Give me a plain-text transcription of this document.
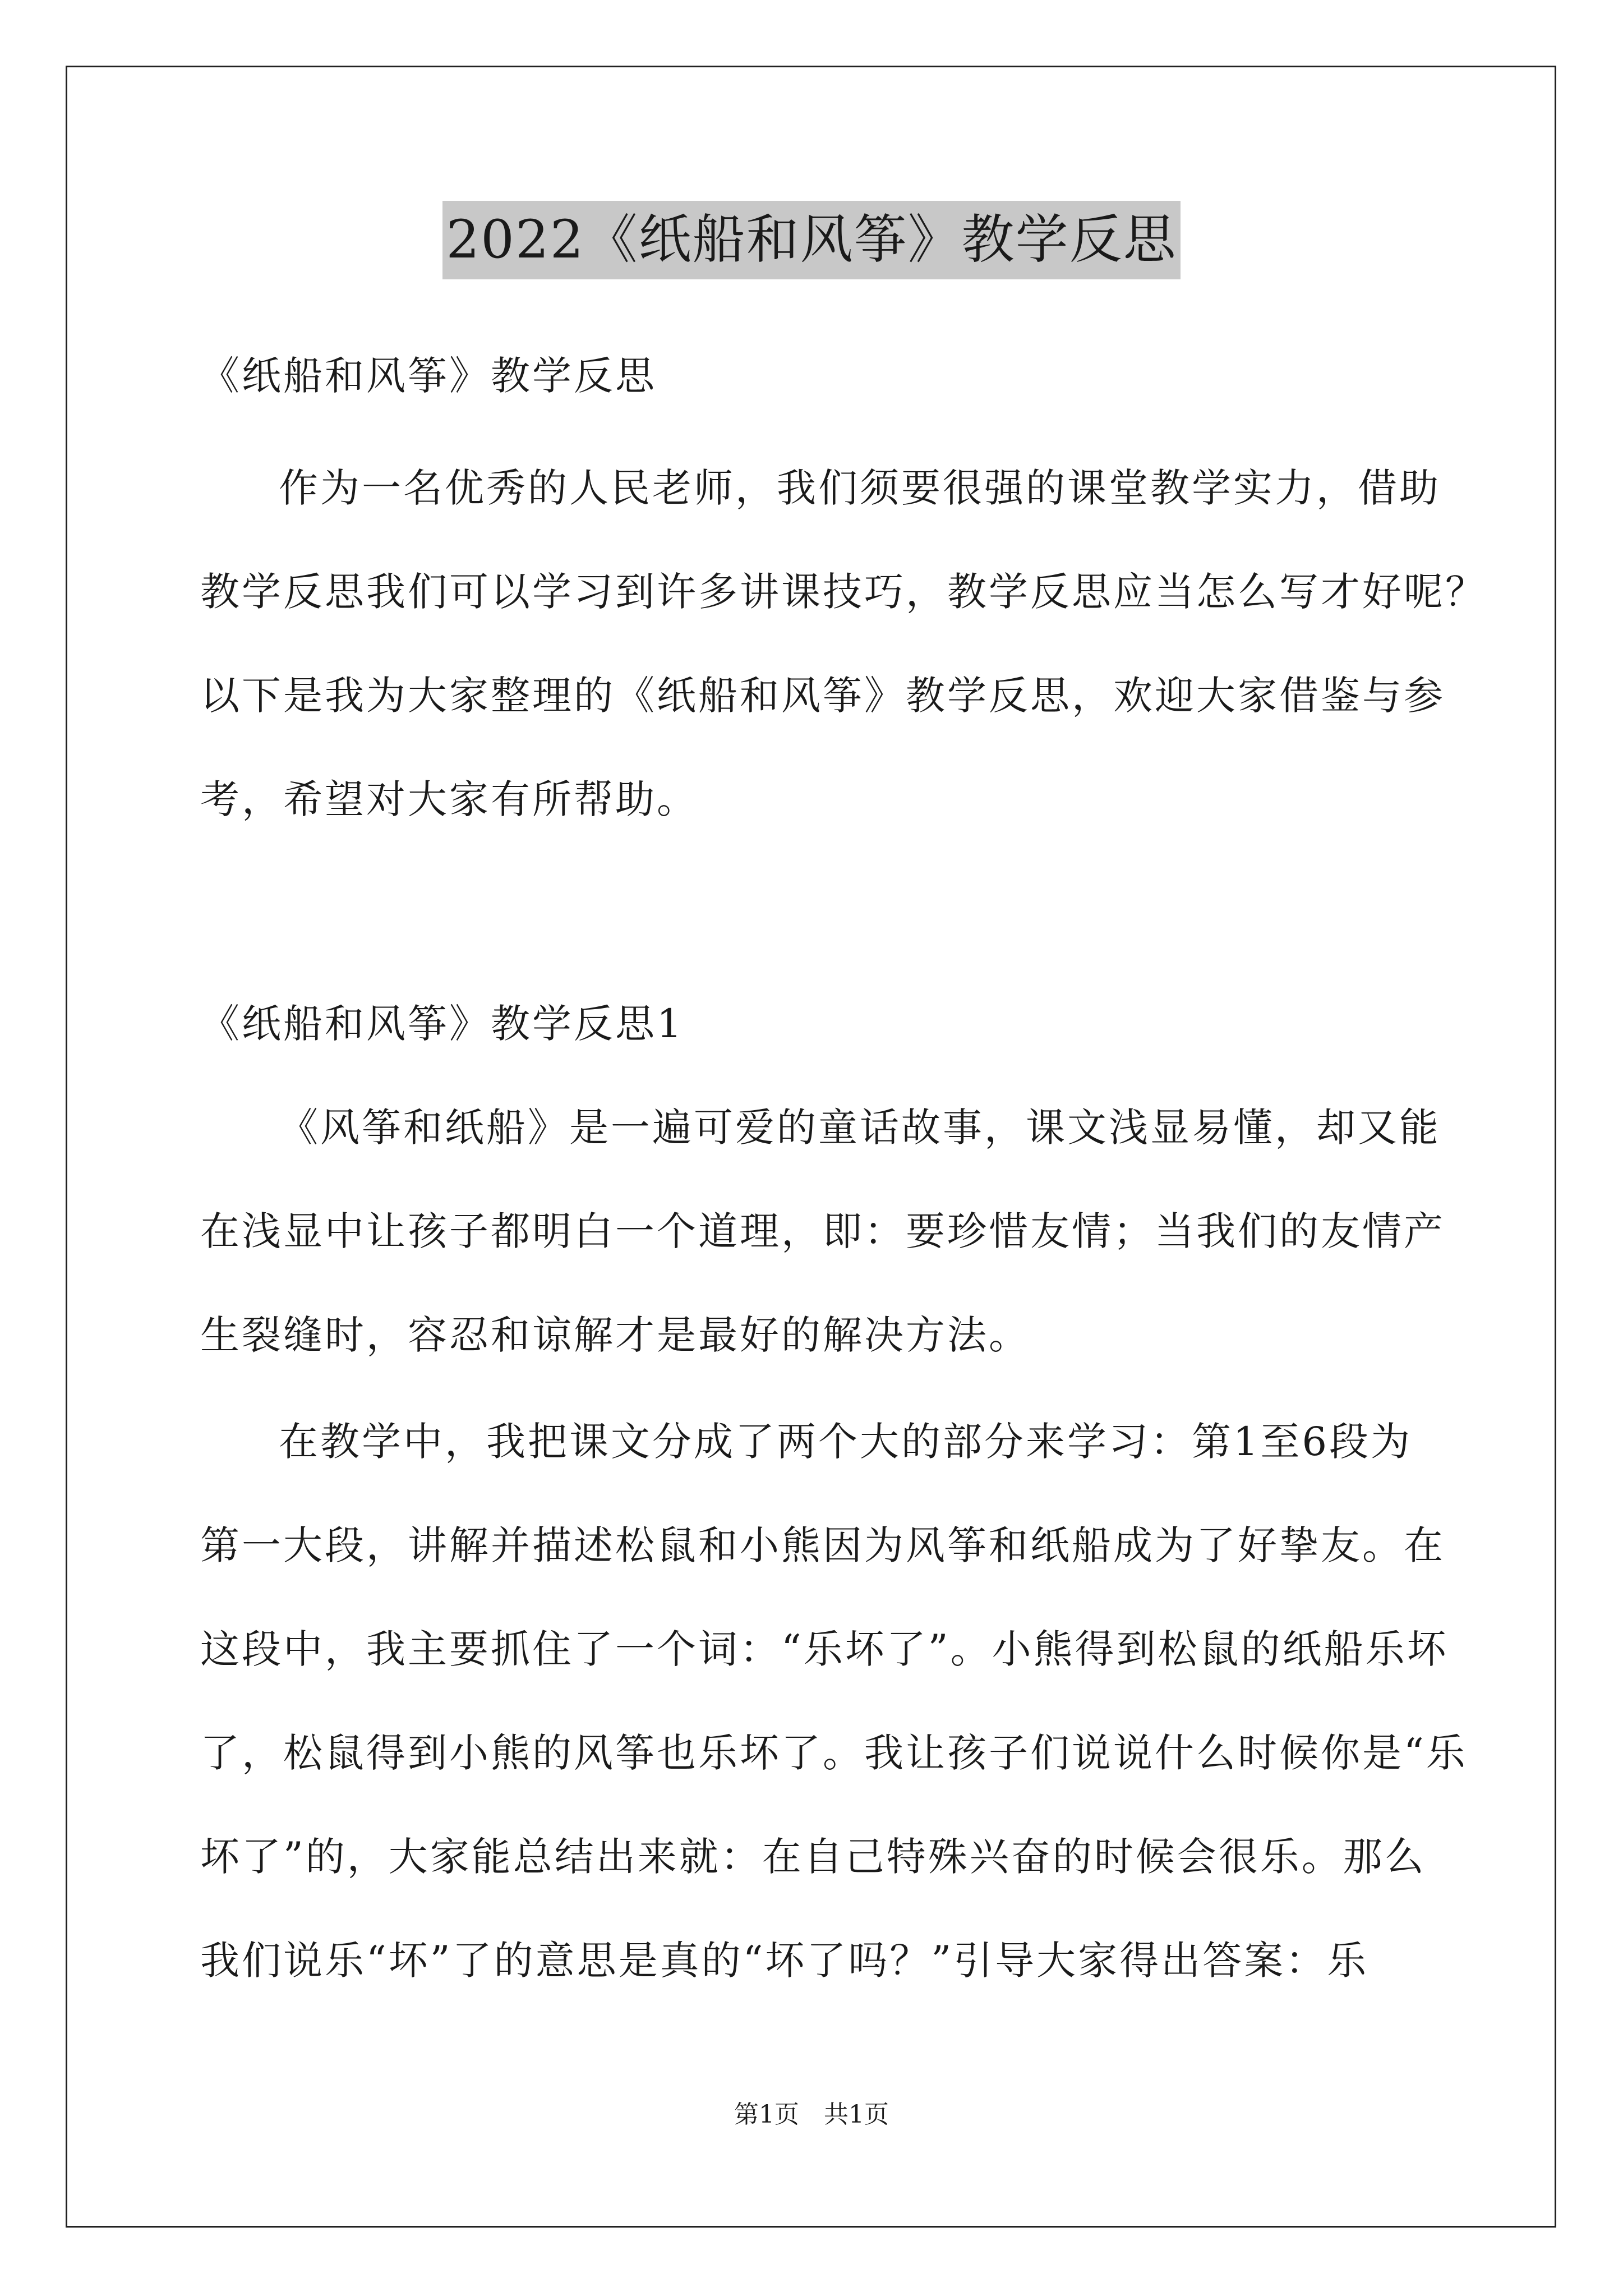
2022《纸船和风筝》教学反思
《纸船和风筝》教学反思
作为一名优秀的人民老师，我们须要很强的课堂教学实力，借助
教学反思我们可以学习到许多讲课技巧，教学反思应当怎么写才好呢？
以下是我为大家整理的《纸船和风筝》教学反思，欢迎大家借鉴与参
考，希望对大家有所帮助。
《纸船和风筝》教学反思1
《风筝和纸船》是一遍可爱的童话故事，课文浅显易懂，却又能
在浅显中让孩子都明白一个道理，即：要珍惜友情；当我们的友情产
生裂缝时，容忍和谅解才是最好的解决方法。
在教学中，我把课文分成了两个大的部分来学习：第1至6段为
第一大段，讲解并描述松鼠和小熊因为风筝和纸船成为了好挚友。在
这段中，我主要抓住了一个词：“乐坏了”。小熊得到松鼠的纸船乐坏
了，松鼠得到小熊的风筝也乐坏了。我让孩子们说说什么时候你是“乐
坏了”的，大家能总结出来就：在自己特殊兴奋的时候会很乐。那么
我们说乐“坏”了的意思是真的“坏了吗？”引导大家得出答案：乐
第1页　共1页
